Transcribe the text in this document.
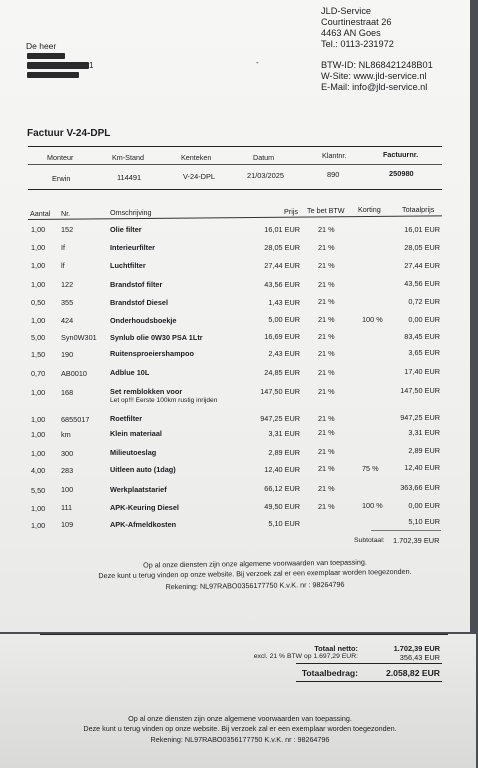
JLD-Service
Courtinestraat 26
4463 AN Goes
Tel.: 0113-231972
BTW-ID: NL868421248B01
W-Site: www.jld-service.nl
E-Mail: info@jld-service.nl
De heer
1	-
Factuur V-24-DPL
Monteur	Km-Stand	Kenteken	Datum	Klantnr.	Factuurnr.
Erwin	114491	V-24-DPL	21/03/2025	890	250980
Aantal Nr.	Omschrijving	Prijs Te bet BTW Korting	Totaalprijs
1,00	152	Olie filter	16,01 EUR 21 %	16,01 EUR
1,00	If	Interieurfilter	28,05 EUR 21 %	28,05 EUR
1,00	lf	Luchtfilter	27,44 EUR 21 %	27,44 EUR
1,00	122	Brandstof filter	43,56 EUR 21 %	43,56 EUR
0,50	355	Brandstof Diesel	1,43 EUR 21 %	0,72 EUR
1,00	424	Onderhoudsboekje	5,00 EUR 21 %	100 %	0,00 EUR
5,00	Syn0W301	Synlub olie 0W30 PSA 1Ltr	16,69 EUR 21 %	83,45 EUR
1,50	190	Ruitensproeiershampoo	2,43 EUR 21 %	3,65 EUR
0,70	AB0010	Adblue 10L	24,85 EUR 21 %	17,40 EUR
1,00	168	Set remblokken voor	147,50 EUR 21 %	147,50 EUR
Let op!!! Eerste 100km rustig inrijden
1,00	6855017	Roetfilter	947,25 EUR 21 %	947,25 EUR
1,00	km	Klein materiaal	3,31 EUR 21 %	3,31 EUR
1,00	300	Milieutoeslag	2,89 EUR 21 %	2,89 EUR
4,00	283	Uitleen auto (1dag)	12,40 EUR 21 %	75 %	12,40 EUR
5,50	100	Werkplaatstarief	66,12 EUR 21 %	363,66 EUR
1,00	111	APK-Keuring Diesel	49,50 EUR 21 %	100 %	0,00 EUR
1,00	109	APK-Afmeldkosten	5,10 EUR	5,10 EUR
Subtotaal: 1.702,39 EUR
Op al onze diensten zijn onze algemene voorwaarden van toepassing.
Deze kunt u terug vinden op onze website. Bij verzoek zal er een exemplaar worden toegezonden.
Rekening: NL97RABO0356177750 K.v.K. nr : 98264796
Totaal netto:	1.702,39 EUR
excl. 21 % BTW op 1.697,29 EUR:	356,43 EUR
Totaalbedrag:	2.058,82 EUR
Op al onze diensten zijn onze algemene voorwaarden van toepassing.
Deze kunt u terug vinden op onze website. Bij verzoek zal er een exemplaar worden toegezonden.
Rekening: NL97RABO0356177750 K.v.K. nr : 98264796
